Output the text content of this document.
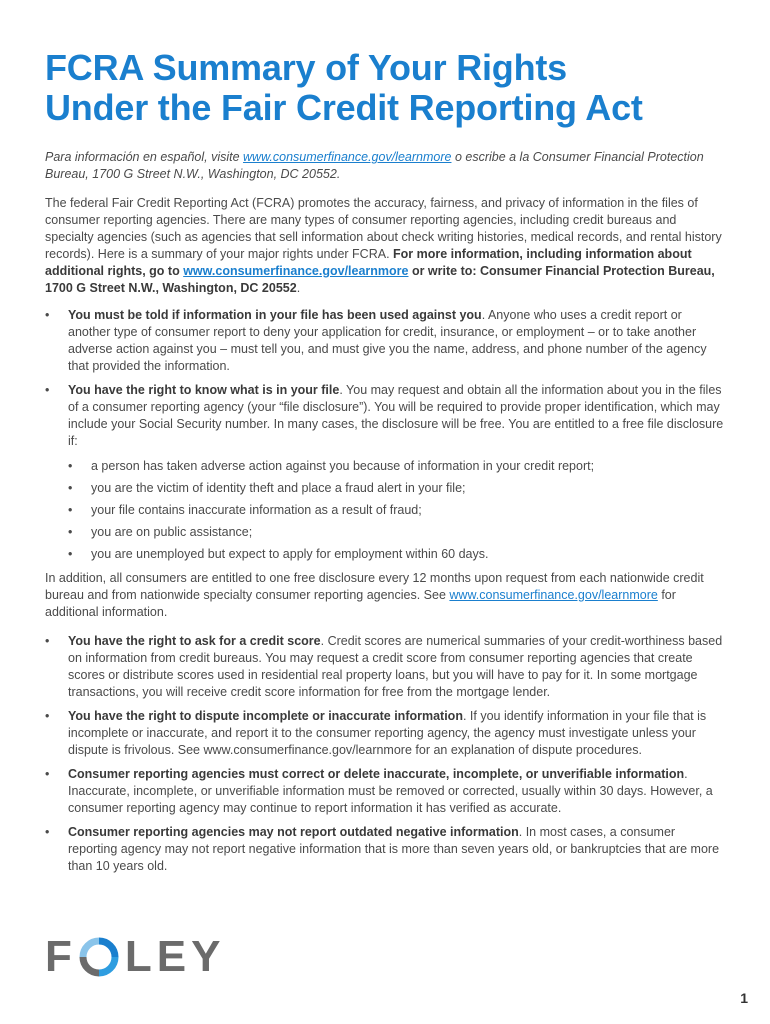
FCRA Summary of Your Rights
Under the Fair Credit Reporting Act

Para información en español, visite www.consumerfinance.gov/learnmore o escribe a la Consumer Financial Protection Bureau, 1700 G Street N.W., Washington, DC 20552.

The federal Fair Credit Reporting Act (FCRA) promotes the accuracy, fairness, and privacy of information in the files of consumer reporting agencies. There are many types of consumer reporting agencies, including credit bureaus and specialty agencies (such as agencies that sell information about check writing histories, medical records, and rental history records). Here is a summary of your major rights under FCRA. For more information, including information about additional rights, go to www.consumerfinance.gov/learnmore or write to: Consumer Financial Protection Bureau, 1700 G Street N.W., Washington, DC 20552.

• You must be told if information in your file has been used against you. Anyone who uses a credit report or another type of consumer report to deny your application for credit, insurance, or employment – or to take another adverse action against you – must tell you, and must give you the name, address, and phone number of the agency that provided the information.
• You have the right to know what is in your file. You may request and obtain all the information about you in the files of a consumer reporting agency (your “file disclosure”). You will be required to provide proper identification, which may include your Social Security number. In many cases, the disclosure will be free. You are entitled to a free file disclosure if:
• a person has taken adverse action against you because of information in your credit report;
• you are the victim of identity theft and place a fraud alert in your file;
• your file contains inaccurate information as a result of fraud;
• you are on public assistance;
• you are unemployed but expect to apply for employment within 60 days.

In addition, all consumers are entitled to one free disclosure every 12 months upon request from each nationwide credit bureau and from nationwide specialty consumer reporting agencies. See www.consumerfinance.gov/learnmore for additional information.

• You have the right to ask for a credit score. Credit scores are numerical summaries of your credit-worthiness based on information from credit bureaus. You may request a credit score from consumer reporting agencies that create scores or distribute scores used in residential real property loans, but you will have to pay for it. In some mortgage transactions, you will receive credit score information for free from the mortgage lender.
• You have the right to dispute incomplete or inaccurate information. If you identify information in your file that is incomplete or inaccurate, and report it to the consumer reporting agency, the agency must investigate unless your dispute is frivolous. See www.consumerfinance.gov/learnmore for an explanation of dispute procedures.
• Consumer reporting agencies must correct or delete inaccurate, incomplete, or unverifiable information. Inaccurate, incomplete, or unverifiable information must be removed or corrected, usually within 30 days. However, a consumer reporting agency may continue to report information it has verified as accurate.
• Consumer reporting agencies may not report outdated negative information. In most cases, a consumer reporting agency may not report negative information that is more than seven years old, or bankruptcies that are more than 10 years old.
F LEY
1
